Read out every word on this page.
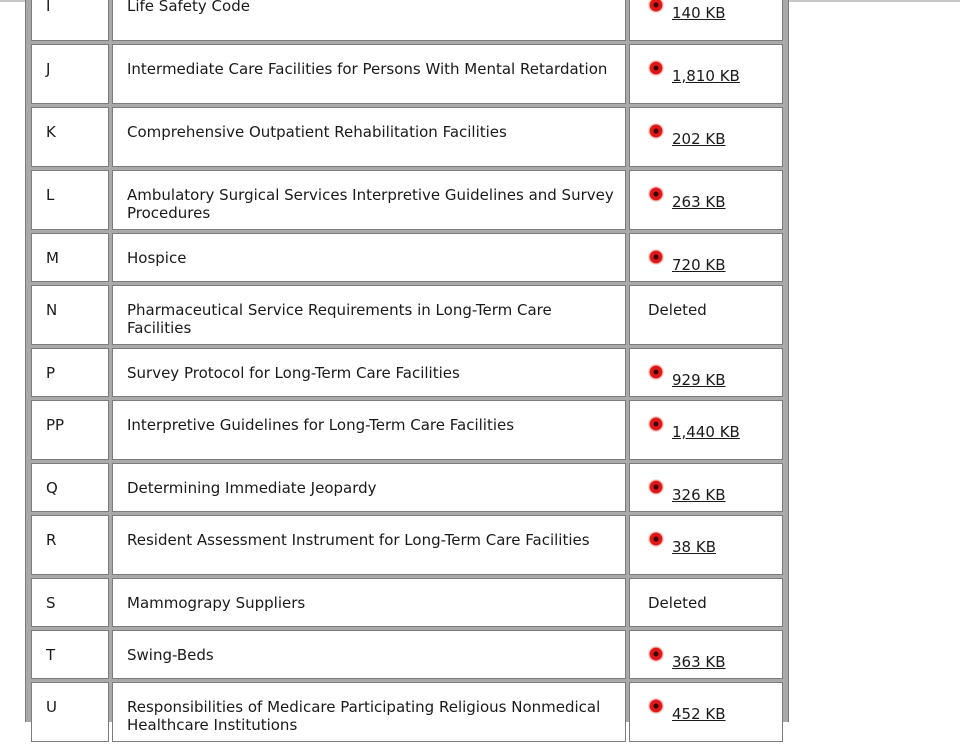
I	Life Safety Code	140 KB
J	Intermediate Care Facilities for Persons With Mental Retardation	1,810 KB
K	Comprehensive Outpatient Rehabilitation Facilities	202 KB
L	Ambulatory Surgical Services Interpretive Guidelines and Survey Procedures	263 KB
M	Hospice	720 KB
N	Pharmaceutical Service Requirements in Long-Term Care Facilities	Deleted
P	Survey Protocol for Long-Term Care Facilities	929 KB
PP	Interpretive Guidelines for Long-Term Care Facilities	1,440 KB
Q	Determining Immediate Jeopardy	326 KB
R	Resident Assessment Instrument for Long-Term Care Facilities	38 KB
S	Mammograpy Suppliers	Deleted
T	Swing-Beds	363 KB
U	Responsibilities of Medicare Participating Religious Nonmedical Healthcare Institutions	452 KB
